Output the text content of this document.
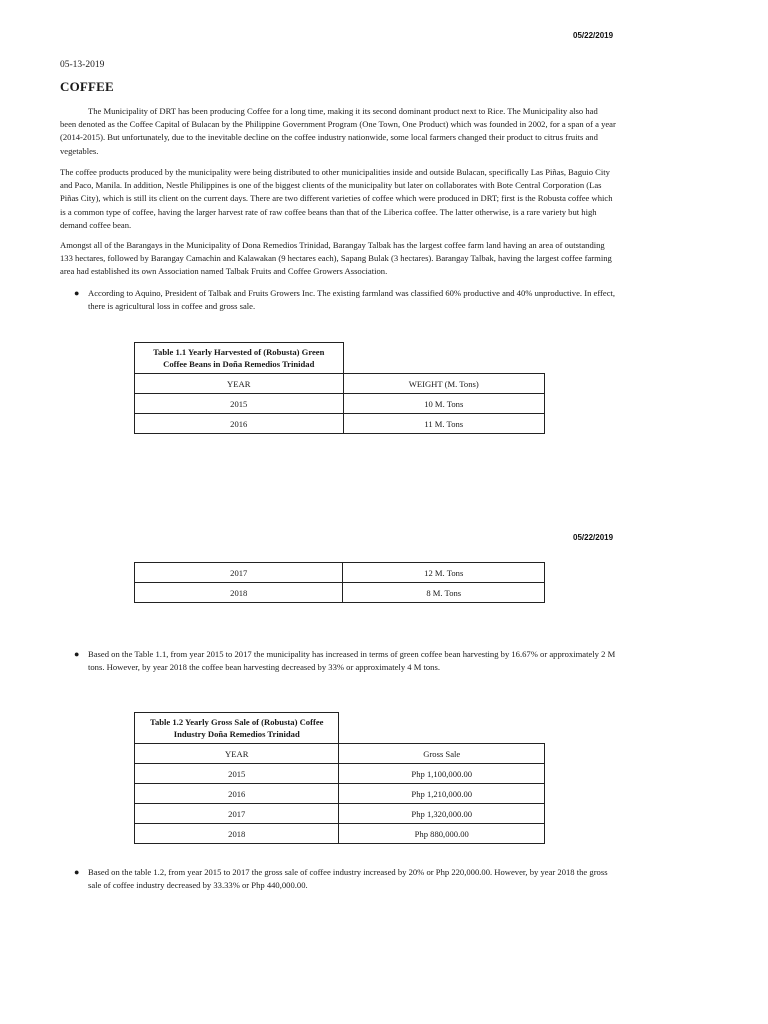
05/22/2019
05-13-2019
COFFEE

The Municipality of DRT has been producing Coffee for a long time, making it its second dominant product next to Rice. The Municipality also had been denoted as the Coffee Capital of Bulacan by the Philippine Government Program (One Town, One Product) which was founded in 2002, for a span of a year (2014-2015). But unfortunately, due to the inevitable decline on the coffee industry nationwide, some local farmers changed their product to citrus fruits and vegetables.

The coffee products produced by the municipality were being distributed to other municipalities inside and outside Bulacan, specifically Las Piñas, Baguio City and Paco, Manila. In addition, Nestle Philippines is one of the biggest clients of the municipality but later on collaborates with Bote Central Corporation (Las Piñas City), which is still its client on the current days. There are two different varieties of coffee which were produced in DRT; first is the Robusta coffee which is a common type of coffee, having the larger harvest rate of raw coffee beans than that of the Liberica coffee. The latter otherwise, is a rare variety but high demand coffee bean.

Amongst all of the Barangays in the Municipality of Dona Remedios Trinidad, Barangay Talbak has the largest coffee farm land having an area of outstanding 133 hectares, followed by Barangay Camachin and Kalawakan (9 hectares each), Sapang Bulak (3 hectares). Barangay Talbak, having the largest coffee farming area had established its own Association named Talbak Fruits and Coffee Growers Association.

● According to Aquino, President of Talbak and Fruits Growers Inc. The existing farmland was classified 60% productive and 40% unproductive. In effect, there is agricultural loss in coffee and gross sale.

Table 1.1 Yearly Harvested of (Robusta) Green Coffee Beans in Doña Remedios Trinidad	
YEAR	WEIGHT (M. Tons)
2015	10 M. Tons
2016	11 M. Tons
05/22/2019
2017	12 M. Tons
2018	8 M. Tons

● Based on the Table 1.1, from year 2015 to 2017 the municipality has increased in terms of green coffee bean harvesting by 16.67% or approximately 2 M tons. However, by year 2018 the coffee bean harvesting decreased by 33% or approximately 4 M tons.

Table 1.2 Yearly Gross Sale of (Robusta) Coffee Industry Doña Remedios Trinidad	
YEAR	Gross Sale
2015	Php 1,100,000.00
2016	Php 1,210,000.00
2017	Php 1,320,000.00
2018	Php 880,000.00

● Based on the table 1.2, from year 2015 to 2017 the gross sale of coffee industry increased by 20% or Php 220,000.00. However, by year 2018 the gross sale of coffee industry decreased by 33.33% or Php 440,000.00.
